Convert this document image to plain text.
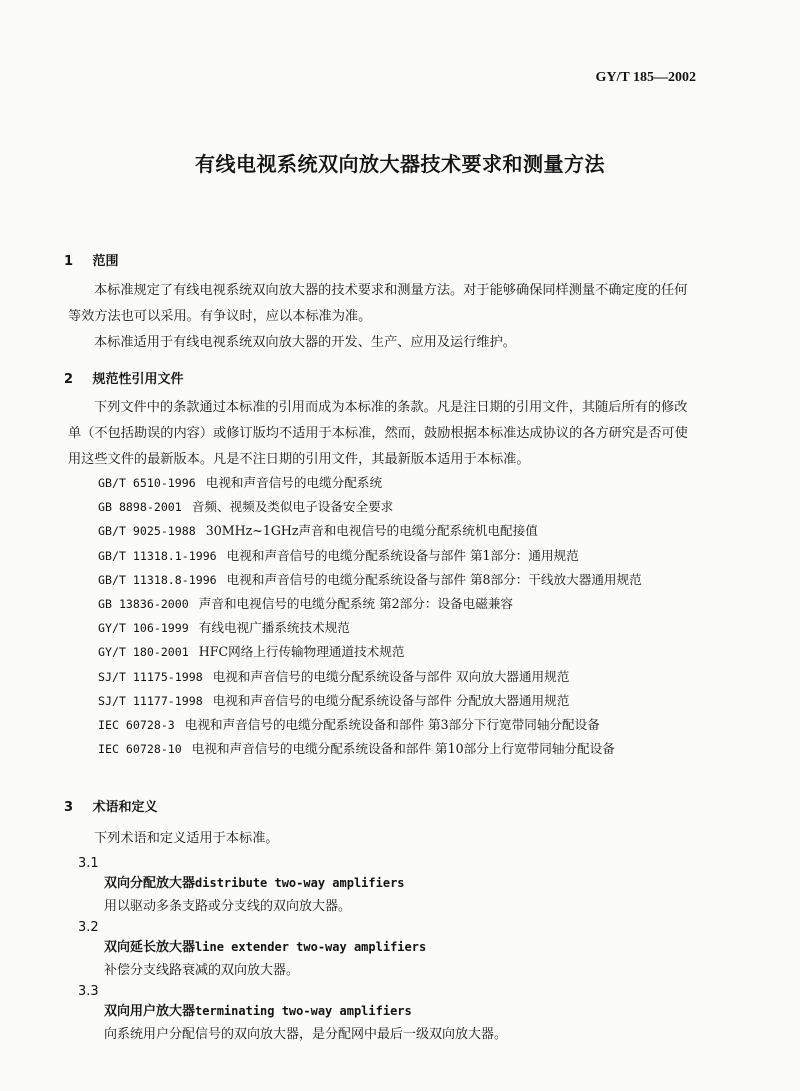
GY/T 185—2002
有线电视系统双向放大器技术要求和测量方法
1 范围
本标准规定了有线电视系统双向放大器的技术要求和测量方法。对于能够确保同样测量不确定度的任何等效方法也可以采用。有争议时，应以本标准为准。
本标准适用于有线电视系统双向放大器的开发、生产、应用及运行维护。
2 规范性引用文件
下列文件中的条款通过本标准的引用而成为本标准的条款。凡是注日期的引用文件，其随后所有的修改单（不包括勘误的内容）或修订版均不适用于本标准，然而，鼓励根据本标准达成协议的各方研究是否可使用这些文件的最新版本。凡是不注日期的引用文件，其最新版本适用于本标准。
GB/T 6510-1996 电视和声音信号的电缆分配系统
GB 8898-2001 音频、视频及类似电子设备安全要求
GB/T 9025-1988 30MHz~1GHz声音和电视信号的电缆分配系统机电配接值
GB/T 11318.1-1996 电视和声音信号的电缆分配系统设备与部件 第1部分：通用规范
GB/T 11318.8-1996 电视和声音信号的电缆分配系统设备与部件 第8部分：干线放大器通用规范
GB 13836-2000 声音和电视信号的电缆分配系统 第2部分：设备电磁兼容
GY/T 106-1999 有线电视广播系统技术规范
GY/T 180-2001 HFC网络上行传输物理通道技术规范
SJ/T 11175-1998 电视和声音信号的电缆分配系统设备与部件 双向放大器通用规范
SJ/T 11177-1998 电视和声音信号的电缆分配系统设备与部件 分配放大器通用规范
IEC 60728-3 电视和声音信号的电缆分配系统设备和部件 第3部分下行宽带同轴分配设备
IEC 60728-10 电视和声音信号的电缆分配系统设备和部件 第10部分上行宽带同轴分配设备
3 术语和定义
下列术语和定义适用于本标准。
3.1
双向分配放大器distribute two-way amplifiers
用以驱动多条支路或分支线的双向放大器。
3.2
双向延长放大器line extender two-way amplifiers
补偿分支线路衰减的双向放大器。
3.3
双向用户放大器terminating two-way amplifiers
向系统用户分配信号的双向放大器，是分配网中最后一级双向放大器。
